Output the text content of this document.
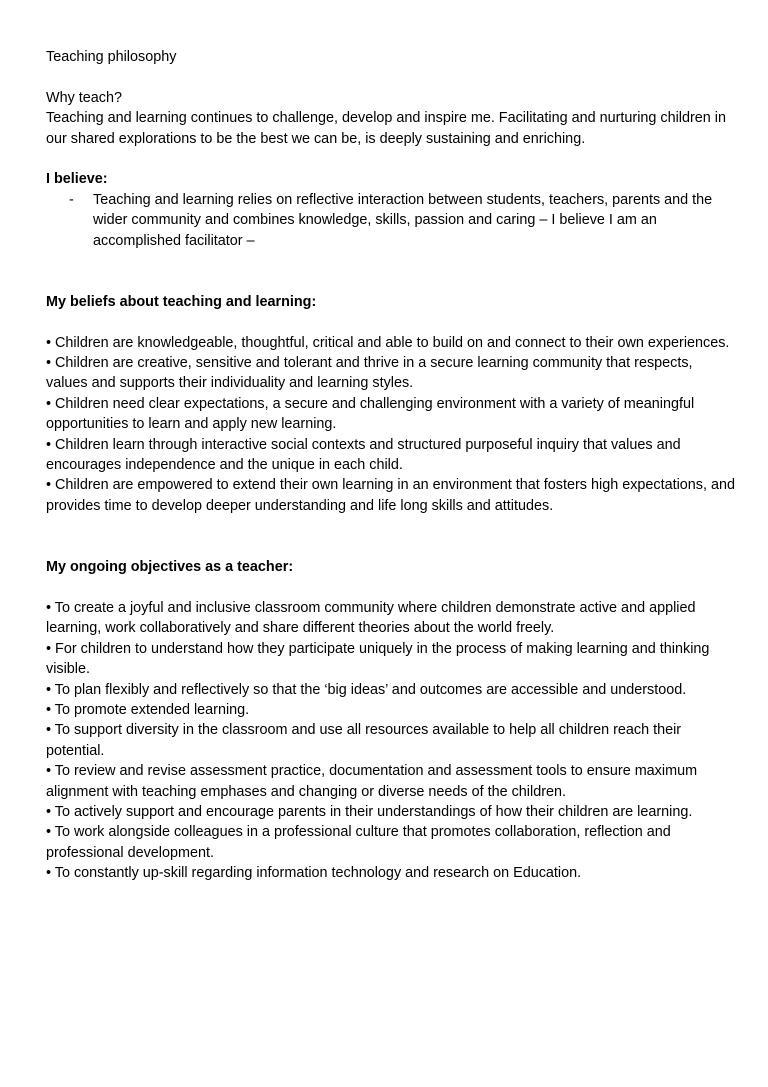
Teaching philosophy

Why teach?

Teaching and learning continues to challenge, develop and inspire me. Facilitating and nurturing children in our shared explorations to be the best we can be, is deeply sustaining and enriching.

I believe:

- Teaching and learning relies on reflective interaction between students, teachers, parents and the wider community and combines knowledge, skills, passion and caring – I believe I am an accomplished facilitator –

My beliefs about teaching and learning:

• Children are knowledgeable, thoughtful, critical and able to build on and connect to their own experiences.

• Children are creative, sensitive and tolerant and thrive in a secure learning community that respects, values and supports their individuality and learning styles.

• Children need clear expectations, a secure and challenging environment with a variety of meaningful opportunities to learn and apply new learning.

• Children learn through interactive social contexts and structured purposeful inquiry that values and encourages independence and the unique in each child.

• Children are empowered to extend their own learning in an environment that fosters high expectations, and provides time to develop deeper understanding and life long skills and attitudes.

My ongoing objectives as a teacher:

• To create a joyful and inclusive classroom community where children demonstrate active and applied learning, work collaboratively and share different theories about the world freely.

• For children to understand how they participate uniquely in the process of making learning and thinking visible.

• To plan flexibly and reflectively so that the ‘big ideas’ and outcomes are accessible and understood.

• To promote extended learning.

• To support diversity in the classroom and use all resources available to help all children reach their potential.

• To review and revise assessment practice, documentation and assessment tools to ensure maximum alignment with teaching emphases and changing or diverse needs of the children.

• To actively support and encourage parents in their understandings of how their children are learning.

• To work alongside colleagues in a professional culture that promotes collaboration, reflection and professional development.

• To constantly up-skill regarding information technology and research on Education.
